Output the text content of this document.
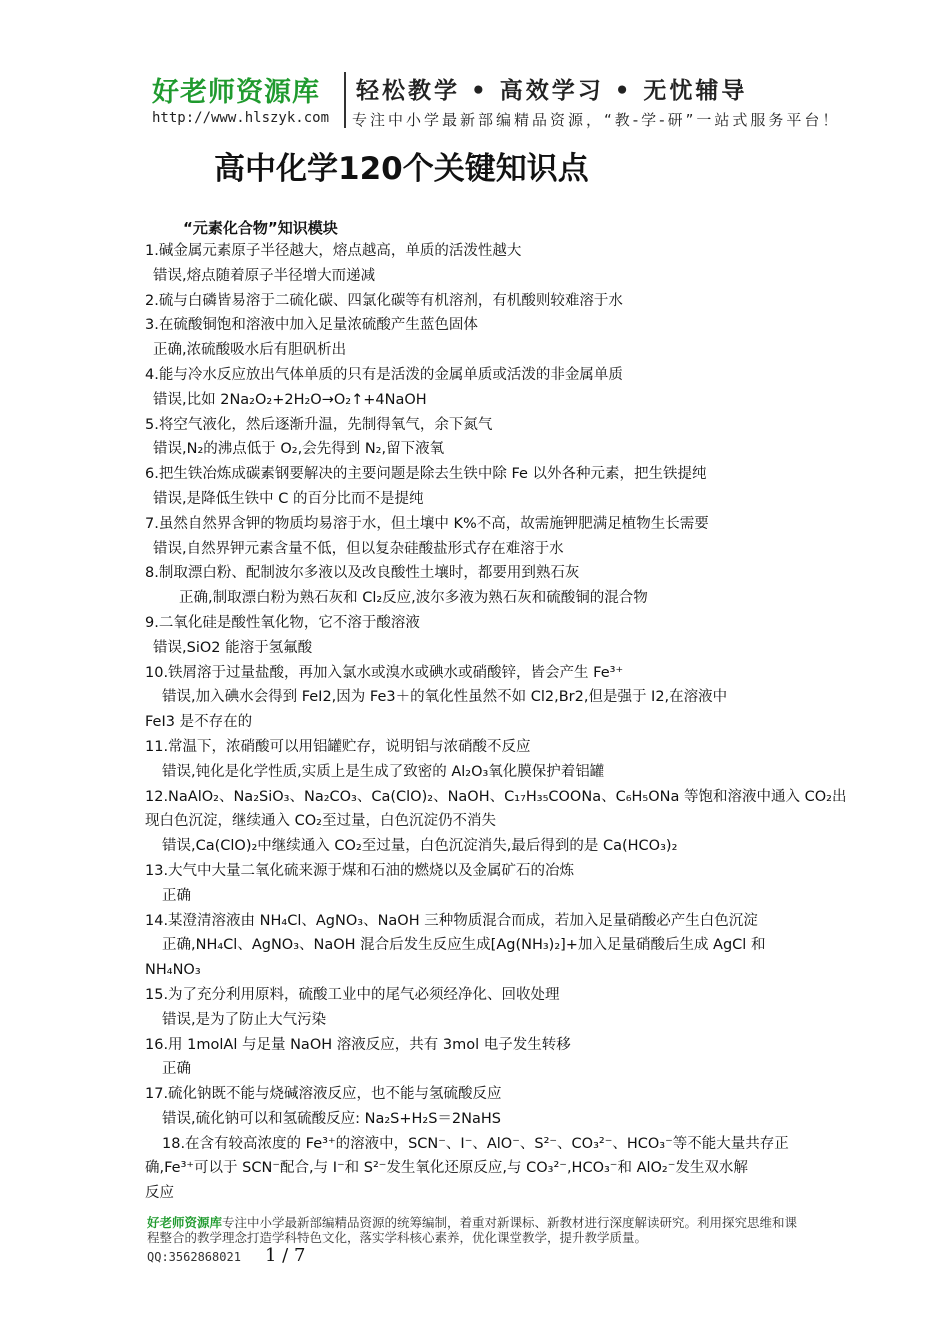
好老师资源库 轻松教学 • 高效学习 • 无忧辅导
http://www.hlszyk.com 专注中小学最新部编精品资源，“教-学-研”一站式服务平台！
高中化学120个关键知识点
“元素化合物”知识模块
1.碱金属元素原子半径越大，熔点越高，单质的活泼性越大
错误,熔点随着原子半径增大而递减
2.硫与白磷皆易溶于二硫化碳、四氯化碳等有机溶剂，有机酸则较难溶于水
3.在硫酸铜饱和溶液中加入足量浓硫酸产生蓝色固体
正确,浓硫酸吸水后有胆矾析出
4.能与冷水反应放出气体单质的只有是活泼的金属单质或活泼的非金属单质
错误,比如 2Na₂O₂+2H₂O→O₂↑+4NaOH
5.将空气液化，然后逐渐升温，先制得氧气，余下氮气
错误,N₂的沸点低于 O₂,会先得到 N₂,留下液氧
6.把生铁冶炼成碳素钢要解决的主要问题是除去生铁中除 Fe 以外各种元素，把生铁提纯
错误,是降低生铁中 C 的百分比而不是提纯
7.虽然自然界含钾的物质均易溶于水，但土壤中 K%不高，故需施钾肥满足植物生长需要
错误,自然界钾元素含量不低，但以复杂硅酸盐形式存在难溶于水
8.制取漂白粉、配制波尔多液以及改良酸性土壤时，都要用到熟石灰
正确,制取漂白粉为熟石灰和 Cl₂反应,波尔多液为熟石灰和硫酸铜的混合物
9.二氧化硅是酸性氧化物，它不溶于酸溶液
错误,SiO2 能溶于氢氟酸
10.铁屑溶于过量盐酸，再加入氯水或溴水或碘水或硝酸锌，皆会产生 Fe³⁺
错误,加入碘水会得到 FeI2,因为 Fe3＋的氧化性虽然不如 Cl2,Br2,但是强于 I2,在溶液中
FeI3 是不存在的
11.常温下，浓硝酸可以用铝罐贮存，说明铝与浓硝酸不反应
错误,钝化是化学性质,实质上是生成了致密的 Al₂O₃氧化膜保护着铝罐
12.NaAlO₂、Na₂SiO₃、Na₂CO₃、Ca(ClO)₂、NaOH、C₁₇H₃₅COONa、C₆H₅ONa 等饱和溶液中通入 CO₂出
现白色沉淀，继续通入 CO₂至过量，白色沉淀仍不消失
错误,Ca(ClO)₂中继续通入 CO₂至过量，白色沉淀消失,最后得到的是 Ca(HCO₃)₂
13.大气中大量二氧化硫来源于煤和石油的燃烧以及金属矿石的冶炼
正确
14.某澄清溶液由 NH₄Cl、AgNO₃、NaOH 三种物质混合而成，若加入足量硝酸必产生白色沉淀
正确,NH₄Cl、AgNO₃、NaOH 混合后发生反应生成[Ag(NH₃)₂]+加入足量硝酸后生成 AgCl 和
NH₄NO₃
15.为了充分利用原料，硫酸工业中的尾气必须经净化、回收处理
错误,是为了防止大气污染
16.用 1molAl 与足量 NaOH 溶液反应，共有 3mol 电子发生转移
正确
17.硫化钠既不能与烧碱溶液反应，也不能与氢硫酸反应
错误,硫化钠可以和氢硫酸反应: Na₂S+H₂S＝2NaHS
18.在含有较高浓度的 Fe³⁺的溶液中，SCN⁻、I⁻、AlO⁻、S²⁻、CO₃²⁻、HCO₃⁻等不能大量共存正
确,Fe³⁺可以于 SCN⁻配合,与 I⁻和 S²⁻发生氧化还原反应,与 CO₃²⁻,HCO₃⁻和 AlO₂⁻发生双水解
反应
好老师资源库专注中小学最新部编精品资源的统筹编制，着重对新课标、新教材进行深度解读研究。利用探究思维和课程整合的教学理念打造学科特色文化，落实学科核心素养，优化课堂教学，提升教学质量。
QQ:3562868021 1 / 7
